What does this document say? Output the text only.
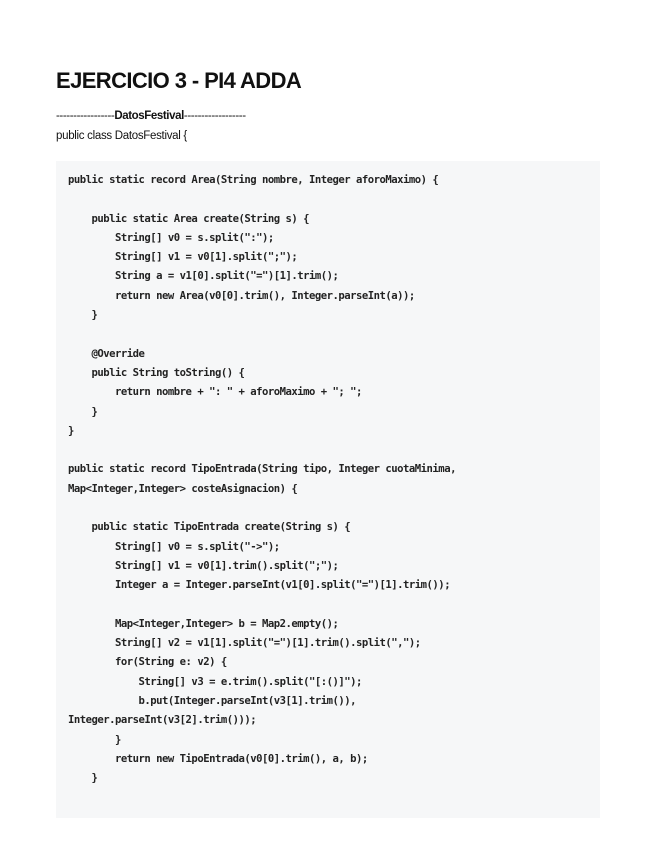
EJERCICIO 3 - PI4 ADDA
-----------------DatosFestival------------------
public class DatosFestival {
public static record Area(String nombre, Integer aforoMaximo) {
public static Area create(String s) {
String[] v0 = s.split(":");
String[] v1 = v0[1].split(";");
String a = v1[0].split("=")[1].trim();
return new Area(v0[0].trim(), Integer.parseInt(a));
}
@Override
public String toString() {
return nombre + ": " + aforoMaximo + "; ";
}
}
public static record TipoEntrada(String tipo, Integer cuotaMinima,
Map<Integer,Integer> costeAsignacion) {
public static TipoEntrada create(String s) {
String[] v0 = s.split("->");
String[] v1 = v0[1].trim().split(";");
Integer a = Integer.parseInt(v1[0].split("=")[1].trim());
Map<Integer,Integer> b = Map2.empty();
String[] v2 = v1[1].split("=")[1].trim().split(",");
for(String e: v2) {
String[] v3 = e.trim().split("[:()]");
b.put(Integer.parseInt(v3[1].trim()),
Integer.parseInt(v3[2].trim()));
}
return new TipoEntrada(v0[0].trim(), a, b);
}
